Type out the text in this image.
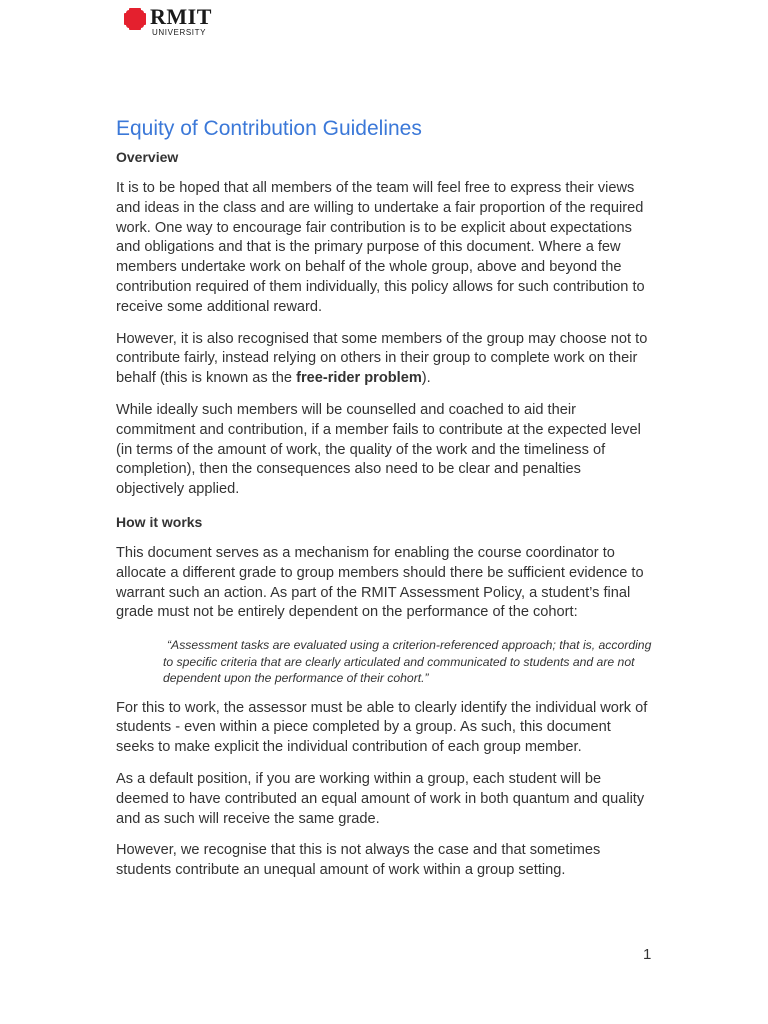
RMIT
UNIVERSITY
Equity of Contribution Guidelines
Overview

It is to be hoped that all members of the team will feel free to express their views and ideas in the class and are willing to undertake a fair proportion of the required work. One way to encourage fair contribution is to be explicit about expectations and obligations and that is the primary purpose of this document. Where a few members undertake work on behalf of the whole group, above and beyond the contribution required of them individually, this policy allows for such contribution to receive some additional reward.

However, it is also recognised that some members of the group may choose not to contribute fairly, instead relying on others in their group to complete work on their behalf (this is known as the free-rider problem).

While ideally such members will be counselled and coached to aid their commitment and contribution, if a member fails to contribute at the expected level (in terms of the amount of work, the quality of the work and the timeliness of completion), then the consequences also need to be clear and penalties objectively applied.

How it works

This document serves as a mechanism for enabling the course coordinator to allocate a different grade to group members should there be sufficient evidence to warrant such an action. As part of the RMIT Assessment Policy, a student’s final grade must not be entirely dependent on the performance of the cohort:

“Assessment tasks are evaluated using a criterion-referenced approach; that is, according to specific criteria that are clearly articulated and communicated to students and are not dependent upon the performance of their cohort.”

For this to work, the assessor must be able to clearly identify the individual work of students - even within a piece completed by a group. As such, this document seeks to make explicit the individual contribution of each group member.

As a default position, if you are working within a group, each student will be deemed to have contributed an equal amount of work in both quantum and quality and as such will receive the same grade.

However, we recognise that this is not always the case and that sometimes students contribute an unequal amount of work within a group setting.

1
